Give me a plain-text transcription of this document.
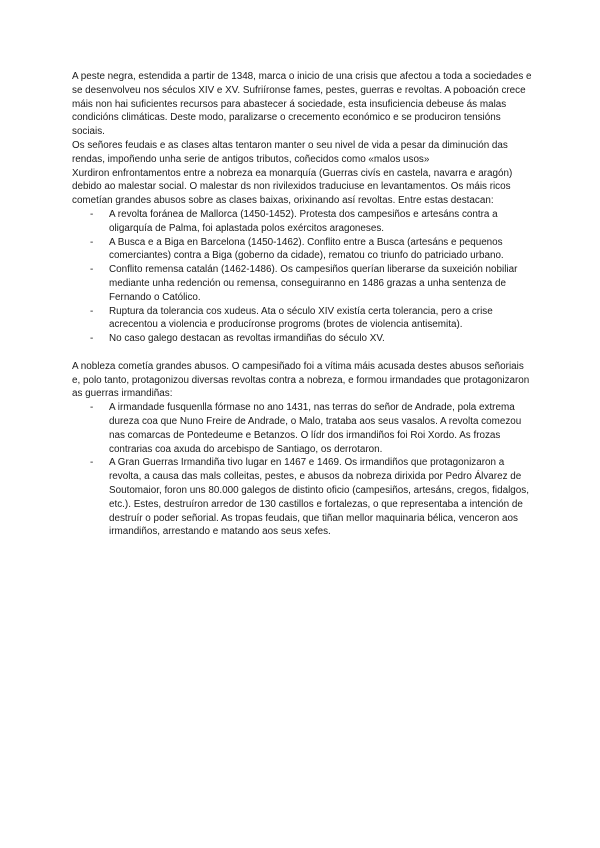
A peste negra, estendida a partir de 1348, marca o inicio de una crisis que afectou a toda a sociedades e se desenvolveu nos séculos XIV e XV. Sufriíronse fames, pestes, guerras e revoltas. A poboación crece máis non hai suficientes recursos para abastecer á sociedade, esta insuficiencia debeuse ás malas condicións climáticas. Deste modo, paralizarse o crecemento económico e se produciron tensións sociais.

Os señores feudais e as clases altas tentaron manter o seu nivel de vida a pesar da diminución das rendas, impoñendo unha serie de antigos tributos, coñecidos como «malos usos»

Xurdiron enfrontamentos entre a nobreza ea monarquía (Guerras civís en castela, navarra e aragón) debido ao malestar social. O malestar ds non rivilexidos traduciuse en levantamentos. Os máis ricos cometían grandes abusos sobre as clases baixas, orixinando así revoltas. Entre estas destacan:

- A revolta foránea de Mallorca (1450-1452). Protesta dos campesiños e artesáns contra a oligarquía de Palma, foi aplastada polos exércitos aragoneses.
- A Busca e a Biga en Barcelona (1450-1462). Conflito entre a Busca (artesáns e pequenos comerciantes) contra a Biga (goberno da cidade), rematou co triunfo do patriciado urbano.
- Conflito remensa catalán (1462-1486). Os campesiños querían liberarse da suxeición nobiliar mediante unha redención ou remensa, conseguiranno en 1486 grazas a unha sentenza de Fernando o Católico.
- Ruptura da tolerancia cos xudeus. Ata o século XIV existía certa tolerancia, pero a crise acrecentou a violencia e producíronse progroms (brotes de violencia antisemita).
- No caso galego destacan as revoltas irmandiñas do século XV.

A nobleza cometía grandes abusos. O campesiñado foi a vítima máis acusada destes abusos señoriais e, polo tanto, protagonizou diversas revoltas contra a nobreza, e formou irmandades que protagonizaron as guerras irmandiñas:

- A irmandade fusquenlla fórmase no ano 1431, nas terras do señor de Andrade, pola extrema dureza coa que Nuno Freire de Andrade, o Malo, trataba aos seus vasalos. A revolta comezou nas comarcas de Pontedeume e Betanzos. O lídr dos irmandiños foi Roi Xordo. As frozas contrarias coa axuda do arcebispo de Santiago, os derrotaron.
- A Gran Guerras Irmandiña tivo lugar en 1467 e 1469. Os irmandiños que protagonizaron a revolta, a causa das mals colleitas, pestes, e abusos da nobreza dirixida por Pedro Álvarez de Soutomaior, foron uns 80.000 galegos de distinto oficio (campesiños, artesáns, cregos, fidalgos, etc.). Estes, destruíron arredor de 130 castillos e fortalezas, o que representaba a intención de destruír o poder señorial. As tropas feudais, que tiñan mellor maquinaria bélica, venceron aos irmandiños, arrestando e matando aos seus xefes.
